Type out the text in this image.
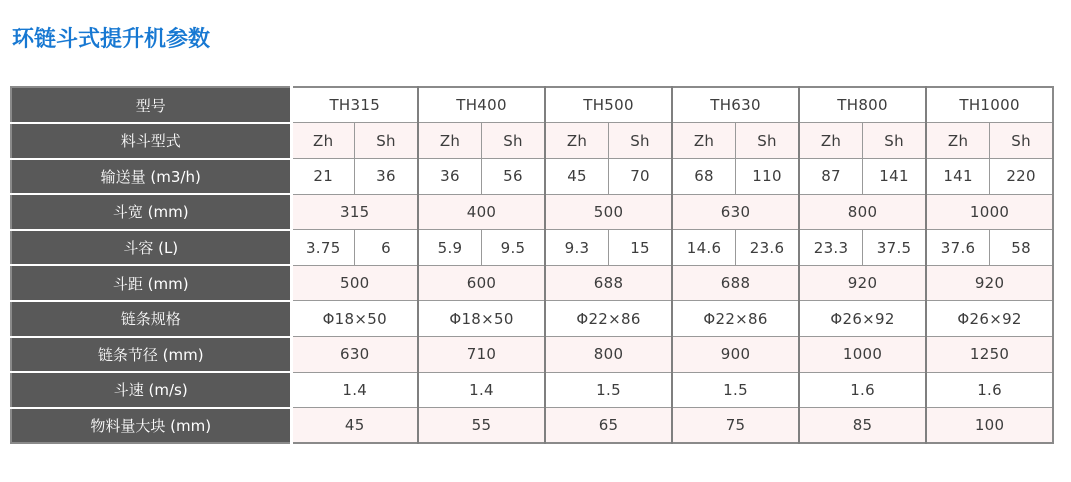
环链斗式提升机参数
型号	TH315		TH400		TH500		TH630		TH800		TH1000	
料斗型式	Zh	Sh	Zh	Sh	Zh	Sh	Zh	Sh	Zh	Sh	Zh	Sh
输送量 (m3/h)	21	36	36	56	45	70	68	110	87	141	141	220
斗宽 (mm)	315		400		500		630		800		1000	
斗容 (L)	3.75	6	5.9	9.5	9.3	15	14.6	23.6	23.3	37.5	37.6	58
斗距 (mm)	500		600		688		688		920		920	
链条规格	Φ18×50		Φ18×50		Φ22×86		Φ22×86		Φ26×92		Φ26×92	
链条节径 (mm)	630		710		800		900		1000		1250	
斗速 (m/s)	1.4		1.4		1.5		1.5		1.6		1.6	
物料量大块 (mm)	45		55		65		75		85		100	
